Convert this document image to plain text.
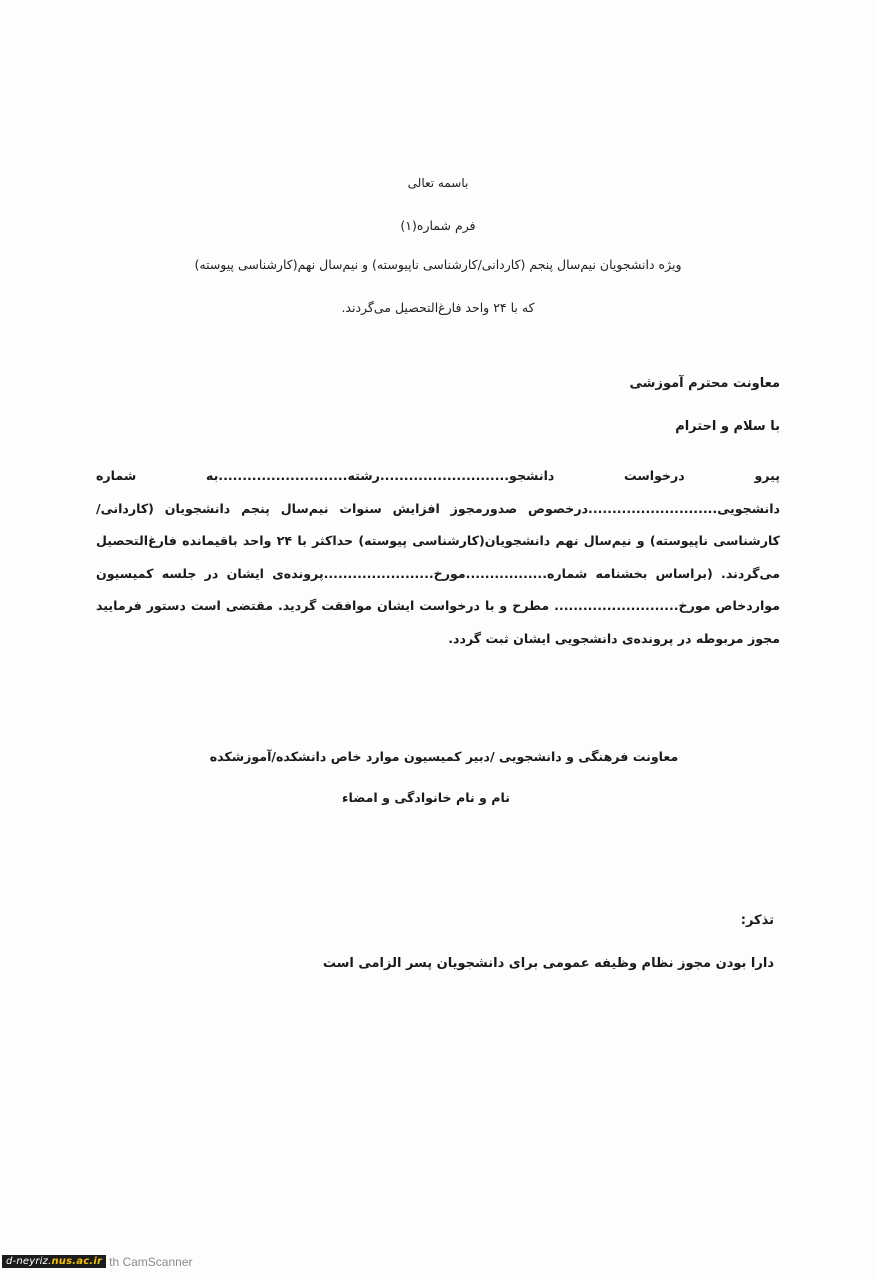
باسمه تعالی
فرم شماره(۱)
ویژه دانشجویان نیم‌سال پنجم (کاردانی/کارشناسی ناپیوسته) و نیم‌سال نهم(کارشناسی پیوسته)
که با ۲۴ واحد فارغ‌التحصیل می‌گردند.
معاونت محترم آموزشی
با سلام و احترام

پیرو درخواست دانشجو...........................رشته...........................به شماره دانشجویی...........................درخصوص صدورمجوز افزایش سنوات نیم‌سال پنجم دانشجویان (کاردانی/کارشناسی ناپیوسته) و نیم‌سال نهم دانشجویان(کارشناسی پیوسته) حداکثر با ۲۴ واحد باقیمانده فارغ‌التحصیل می‌گردند. (براساس بخشنامه شماره.................مورخ.......................پرونده‌ی ایشان در جلسه کمیسیون مواردخاص مورخ.......................... مطرح و با درخواست ایشان موافقت گردید. مقتضی است دستور فرمایید مجوز مربوطه در پرونده‌ی دانشجویی ایشان ثبت گردد.

معاونت فرهنگی و دانشجویی /دبیر کمیسیون موارد خاص دانشکده/آموزشکده
نام و نام خانوادگی و امضاء
تذکر:
دارا بودن مجوز نظام وظیفه عمومی برای دانشجویان پسر الزامی است
d-neyriz.nus.ac.ir th CamScanner
